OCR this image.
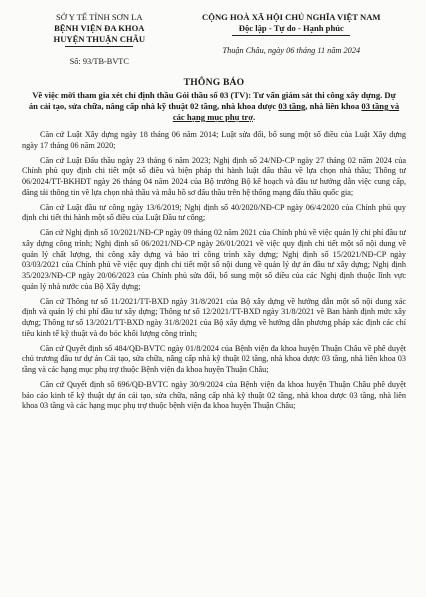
SỞ Y TẾ TỈNH SƠN LA
BỆNH VIỆN ĐA KHOA
HUYỆN THUẬN CHÂU
Số: 93/TB-BVTC
CỘNG HOÀ XÃ HỘI CHỦ NGHĨA VIỆT NAM
Độc lập - Tự do - Hạnh phúc
Thuận Châu, ngày 06 tháng 11 năm 2024
THÔNG BÁO
Về việc mời tham gia xét chỉ định thầu Gói thầu số 03 (TV): Tư vấn giám sát thi công xây dựng. Dự án cải tạo, sửa chữa, nâng cấp nhà kỹ thuật 02 tầng, nhà khoa dược 03 tầng, nhà liên khoa 03 tầng và các hạng mục phụ trợ.

Căn cứ Luật Xây dựng ngày 18 tháng 06 năm 2014; Luật sửa đổi, bổ sung một số điều của Luật Xây dựng ngày 17 tháng 06 năm 2020;

Căn cứ Luật Đấu thầu ngày 23 tháng 6 năm 2023; Nghị định số 24/NĐ-CP ngày 27 tháng 02 năm 2024 của Chính phủ quy định chi tiết một số điều và biện pháp thi hành luật đấu thầu về lựa chọn nhà thầu; Thông tư 06/2024/TT-BKHĐT ngày 26 tháng 04 năm 2024 của Bộ trưởng Bộ kế hoạch và đầu tư hướng dẫn việc cung cấp, đăng tải thông tin về lựa chọn nhà thầu và mẫu hồ sơ đấu thầu trên hệ thống mạng đấu thầu quốc gia;

Căn cứ Luật đầu tư công ngày 13/6/2019; Nghị định số 40/2020/NĐ-CP ngày 06/4/2020 của Chính phủ quy định chi tiết thi hành một số điều của Luật Đầu tư công;

Căn cứ Nghị định số 10/2021/NĐ-CP ngày 09 tháng 02 năm 2021 của Chính phủ về việc quản lý chi phí đầu tư xây dựng công trình; Nghị định số 06/2021/NĐ-CP ngày 26/01/2021 về việc quy định chi tiết một số nội dung về quản lý chất lượng, thi công xây dựng và bảo trì công trình xây dựng; Nghị định số 15/2021/NĐ-CP ngày 03/03/2021 của Chính phủ về việc quy định chi tiết một số nội dung về quản lý dự án đầu tư xây dựng; Nghị định 35/2023/NĐ-CP ngày 20/06/2023 của Chính phủ sửa đổi, bổ sung một số điều của các Nghị định thuộc lĩnh vực quản lý nhà nước của Bộ Xây dựng;

Căn cứ Thông tư số 11/2021/TT-BXD ngày 31/8/2021 của Bộ xây dựng về hướng dẫn một số nội dung xác định và quản lý chi phí đầu tư xây dựng; Thông tư số 12/2021/TT-BXD ngày 31/8/2021 về Ban hành định mức xây dựng; Thông tư số 13/2021/TT-BXD ngày 31/8/2021 của Bộ xây dựng về hướng dẫn phương pháp xác định các chỉ tiêu kinh tế kỹ thuật và đo bóc khối lượng công trình;

Căn cứ Quyết định số 484/QĐ-BVTC ngày 01/8/2024 của Bệnh viện đa khoa huyện Thuận Châu về phê duyệt chủ trương đầu tư dự án Cải tạo, sửa chữa, nâng cấp nhà kỹ thuật 02 tầng, nhà khoa dược 03 tầng, nhà liên khoa 03 tầng và các hạng mục phụ trợ thuộc Bệnh viện đa khoa huyện Thuận Châu;

Căn cứ Quyết định số 696/QĐ-BVTC ngày 30/9/2024 của Bệnh viện đa khoa huyện Thuận Châu phê duyệt báo cáo kinh tế kỹ thuật dự án cải tạo, sửa chữa, nâng cấp nhà kỹ thuật 02 tầng, nhà khoa dược 03 tầng, nhà liên khoa 03 tầng và các hạng mục phụ trợ thuộc bệnh viện đa khoa huyện Thuận Châu;
